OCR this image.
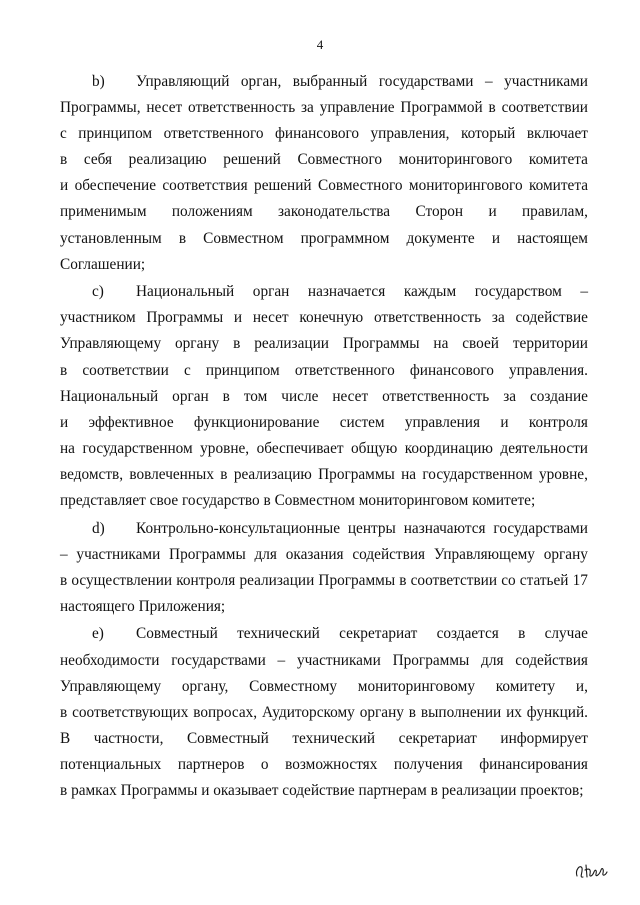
4
b)	Управляющий орган, выбранный государствами – участниками
Программы, несет ответственность за управление Программой в соответствии
с принципом ответственного финансового управления, который включает
в себя реализацию решений Совместного мониторингового комитета
и обеспечение соответствия решений Совместного мониторингового комитета
применимым положениям законодательства Сторон и правилам,
установленным в Совместном программном документе и настоящем
Соглашении;
c)	Национальный орган назначается каждым государством –
участником Программы и несет конечную ответственность за содействие
Управляющему органу в реализации Программы на своей территории
в соответствии с принципом ответственного финансового управления.
Национальный орган в том числе несет ответственность за создание
и эффективное функционирование систем управления и контроля
на государственном уровне, обеспечивает общую координацию деятельности
ведомств, вовлеченных в реализацию Программы на государственном уровне,
представляет свое государство в Совместном мониторинговом комитете;
d)	Контрольно-консультационные центры назначаются государствами
– участниками Программы для оказания содействия Управляющему органу
в осуществлении контроля реализации Программы в соответствии со статьей 17
настоящего Приложения;
e)	Совместный технический секретариат создается в случае
необходимости государствами – участниками Программы для содействия
Управляющему органу, Совместному мониторинговому комитету и,
в соответствующих вопросах, Аудиторскому органу в выполнении их функций.
В частности, Совместный технический секретариат информирует
потенциальных партнеров о возможностях получения финансирования
в рамках Программы и оказывает содействие партнерам в реализации проектов;
